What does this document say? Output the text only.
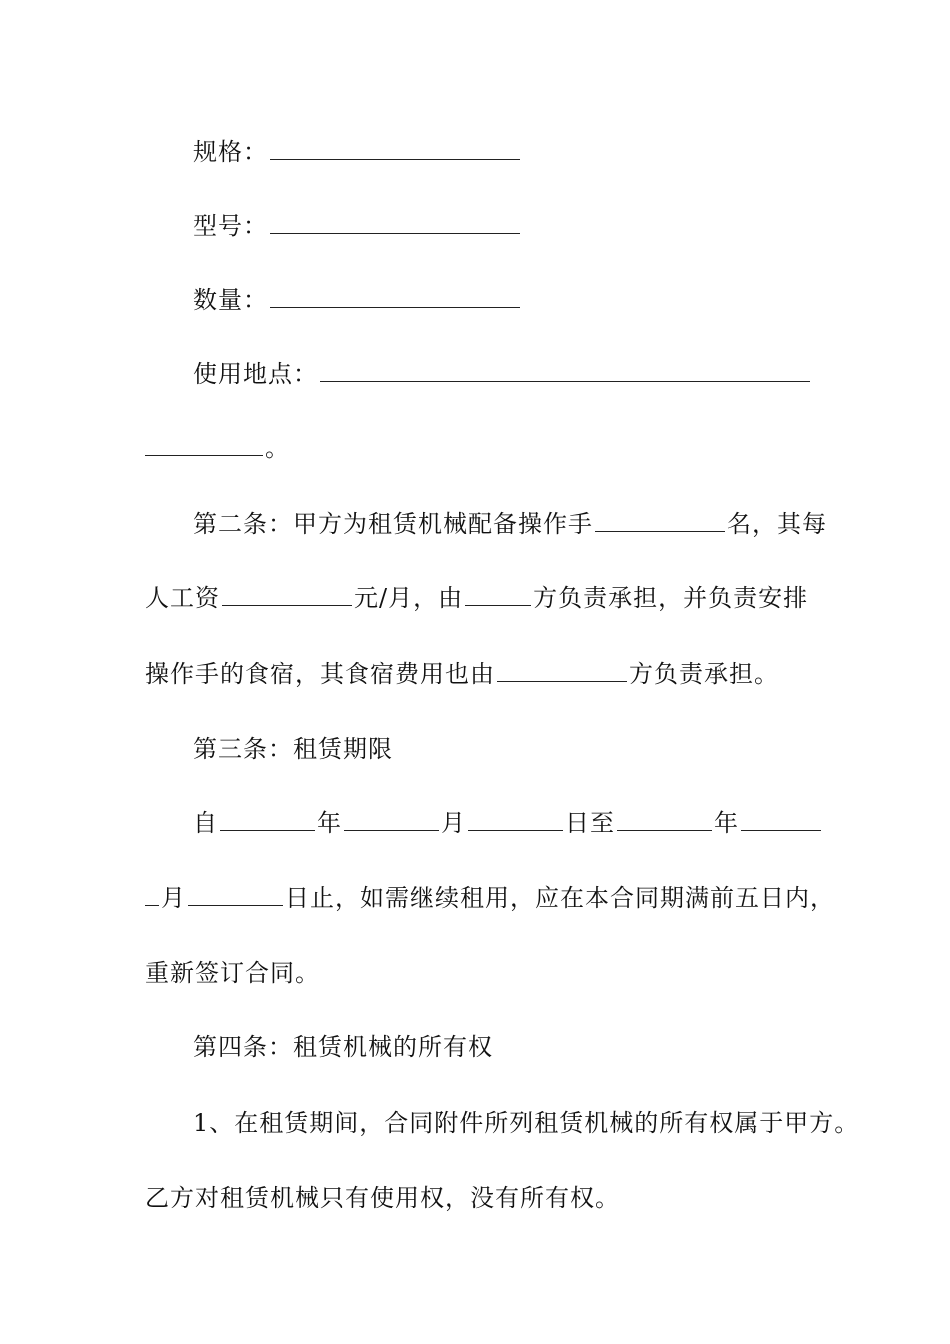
规格：
型号：
数量：
使用地点：
。
第二条：甲方为租赁机械配备操作手	名，其每
人工资	元/月，由	方负责承担，并负责安排
操作手的食宿，其食宿费用也由	方负责承担。
第三条：租赁期限
自	年	月	日至	年
月	日止，如需继续租用，应在本合同期满前五日内，
重新签订合同。
第四条：租赁机械的所有权
1、在租赁期间，合同附件所列租赁机械的所有权属于甲方。
乙方对租赁机械只有使用权，没有所有权。
